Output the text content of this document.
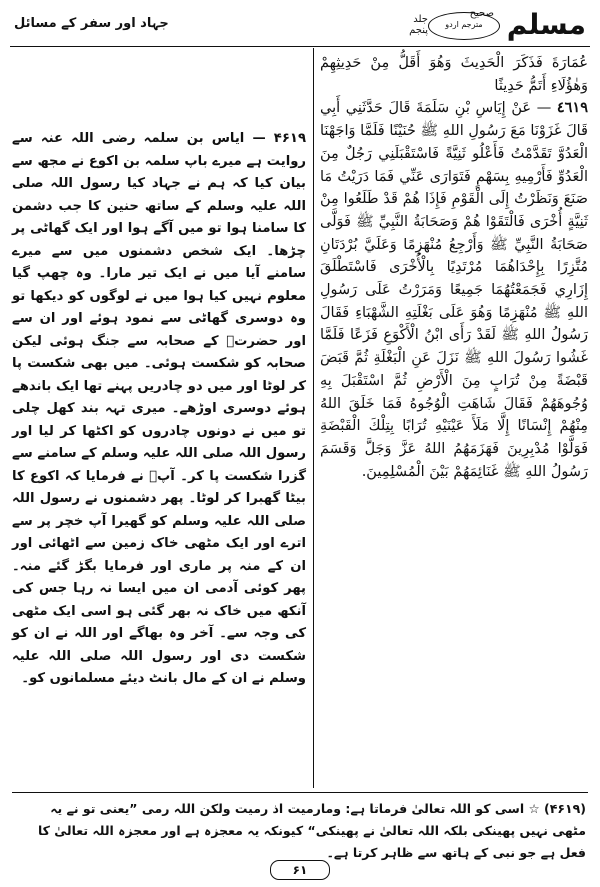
مسلم
صحیح
مترجم اردو
جلد پنجم
جہاد اور سفر کے مسائل
عُمَارَةَ فَذَكَرَ الْحَدِيثَ وَهُوَ أَقَلُّ مِنْ حَدِيثِهِمْ وَهٰؤُلَاءِ أَتَمُّ حَدِيثًا
٤٦١٩ — عَنْ إِيَاسِ بْنِ سَلَمَةَ قَالَ حَدَّثَنِي أَبِي قَالَ غَزَوْنَا مَعَ رَسُولِ اللهِ ﷺ حُنَيْنًا فَلَمَّا وَاجَهْنَا الْعَدُوَّ تَقَدَّمْتُ فَأَعْلُو ثَنِيَّةً فَاسْتَقْبَلَنِي رَجُلٌ مِنَ الْعَدُوِّ فَأَرْمِيهِ بِسَهْمٍ فَتَوَارَى عَنِّي فَمَا دَرَيْتُ مَا صَنَعَ وَنَظَرْتُ إِلَى الْقَوْمِ فَإِذَا هُمْ قَدْ طَلَعُوا مِنْ ثَنِيَّةٍ أُخْرَى فَالْتَقَوْا هُمْ وَصَحَابَةُ النَّبِيِّ ﷺ فَوَلَّى صَحَابَةُ النَّبِيِّ ﷺ وَأَرْجِعُ مُنْهَزِمًا وَعَلَيَّ بُرْدَتَانِ مُتَّزِرًا بِإِحْدَاهُمَا مُرْتَدِيًا بِالْأُخْرَى فَاسْتَطْلَقَ إِزَارِي فَجَمَعْتُهُمَا جَمِيعًا وَمَرَرْتُ عَلَى رَسُولِ اللهِ ﷺ مُنْهَزِمًا وَهُوَ عَلَى بَغْلَتِهِ الشَّهْبَاءِ فَقَالَ رَسُولُ اللهِ ﷺ لَقَدْ رَأَى ابْنُ الْأَكْوَعِ فَزَعًا فَلَمَّا غَشُوا رَسُولَ اللهِ ﷺ نَزَلَ عَنِ الْبَغْلَةِ ثُمَّ قَبَضَ قَبْضَةً مِنْ تُرَابٍ مِنَ الْأَرْضِ ثُمَّ اسْتَقْبَلَ بِهِ وُجُوهَهُمْ فَقَالَ شَاهَتِ الْوُجُوهُ فَمَا خَلَقَ اللهُ مِنْهُمْ إِنْسَانًا إِلَّا مَلَأَ عَيْنَيْهِ تُرَابًا بِتِلْكَ الْقَبْضَةِ فَوَلَّوْا مُدْبِرِينَ فَهَزَمَهُمُ اللهُ عَزَّ وَجَلَّ وَقَسَمَ رَسُولُ اللهِ ﷺ غَنَائِمَهُمْ بَيْنَ الْمُسْلِمِينَ.
۴۶۱۹ — ایاس بن سلمہ رضی اللہ عنہ سے روایت ہے میرے باپ سلمہ بن اکوع نے مجھ سے بیان کیا کہ ہم نے جہاد کیا رسول اللہ صلی اللہ علیہ وسلم کے ساتھ حنین کا جب دشمن کا سامنا ہوا تو میں آگے ہوا اور ایک گھاٹی پر چڑھا۔ ایک شخص دشمنوں میں سے میرے سامنے آیا میں نے ایک تیر مارا۔ وہ چھپ گیا معلوم نہیں کیا ہوا میں نے لوگوں کو دیکھا تو وہ دوسری گھاٹی سے نمود ہوئے اور ان سے اور حضرتؐ کے صحابہ سے جنگ ہوئی لیکن صحابہ کو شکست ہوئی۔ میں بھی شکست پا کر لوٹا اور میں دو چادریں پہنے تھا ایک باندھے ہوئے دوسری اوڑھے۔ میری تہہ بند کھل چلی تو میں نے دونوں چادروں کو اکٹھا کر لیا اور رسول اللہ صلی اللہ علیہ وسلم کے سامنے سے گزرا شکست پا کر۔ آپؐ نے فرمایا کہ اکوع کا بیٹا گھبرا کر لوٹا۔ پھر دشمنوں نے رسول اللہ صلی اللہ علیہ وسلم کو گھیرا آپ خچر پر سے اترے اور ایک مٹھی خاک زمین سے اٹھائی اور ان کے منہ پر ماری اور فرمایا بگڑ گئے منہ۔ پھر کوئی آدمی ان میں ایسا نہ رہا جس کی آنکھ میں خاک نہ بھر گئی ہو اسی ایک مٹھی کی وجہ سے۔ آخر وہ بھاگے اور اللہ نے ان کو شکست دی اور رسول اللہ صلی اللہ علیہ وسلم نے ان کے مال بانٹ دیئے مسلمانوں کو۔
(۴۶۱۹) ☆ اسی کو اللہ تعالیٰ فرماتا ہے: ومارمیت اذ رمیت ولکن اللہ رمی ”یعنی تو نے یہ مٹھی نہیں پھینکی بلکہ اللہ تعالیٰ نے پھینکی“ کیونکہ یہ معجزہ ہے اور معجزہ اللہ تعالیٰ کا فعل ہے جو نبی کے ہاتھ سے ظاہر کرتا ہے۔
۶۱
